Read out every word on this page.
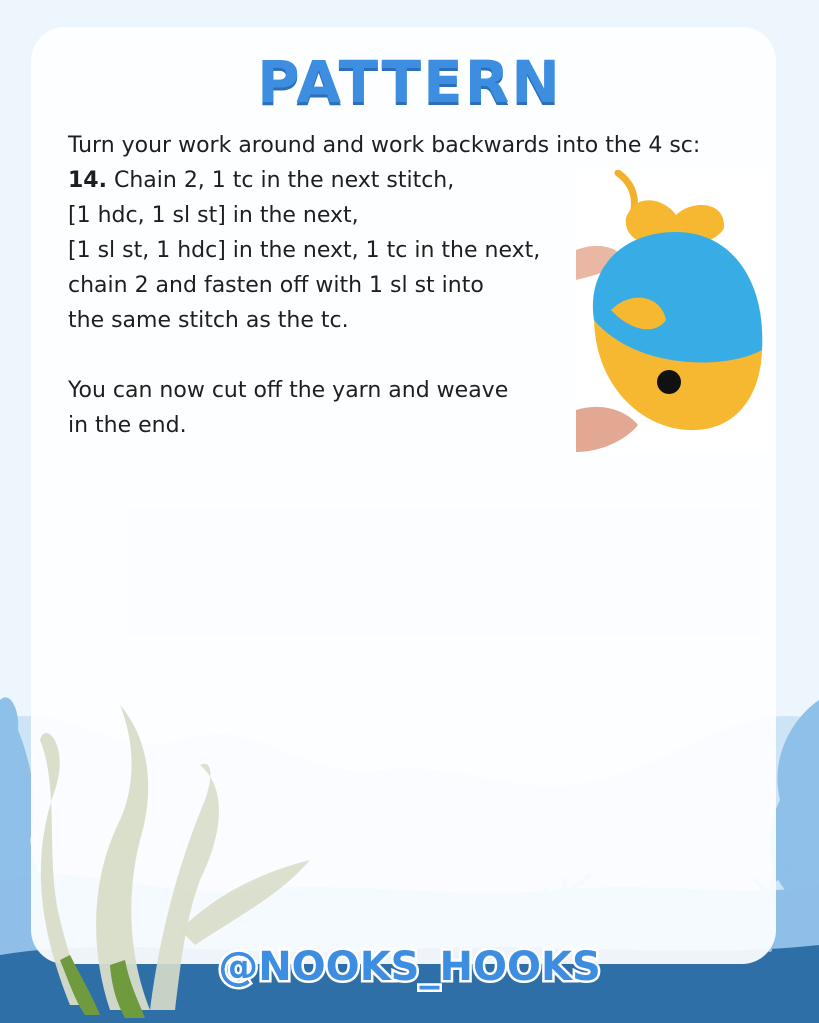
PATTERN

Turn your work around and work backwards into the 4 sc:

14. Chain 2, 1 tc in the next stitch,

[1 hdc, 1 sl st] in the next,

[1 sl st, 1 hdc] in the next, 1 tc in the next,

chain 2 and fasten off with 1 sl st into

the same stitch as the tc.

You can now cut off the yarn and weave

in the end.

@NOOKS_HOOKS
